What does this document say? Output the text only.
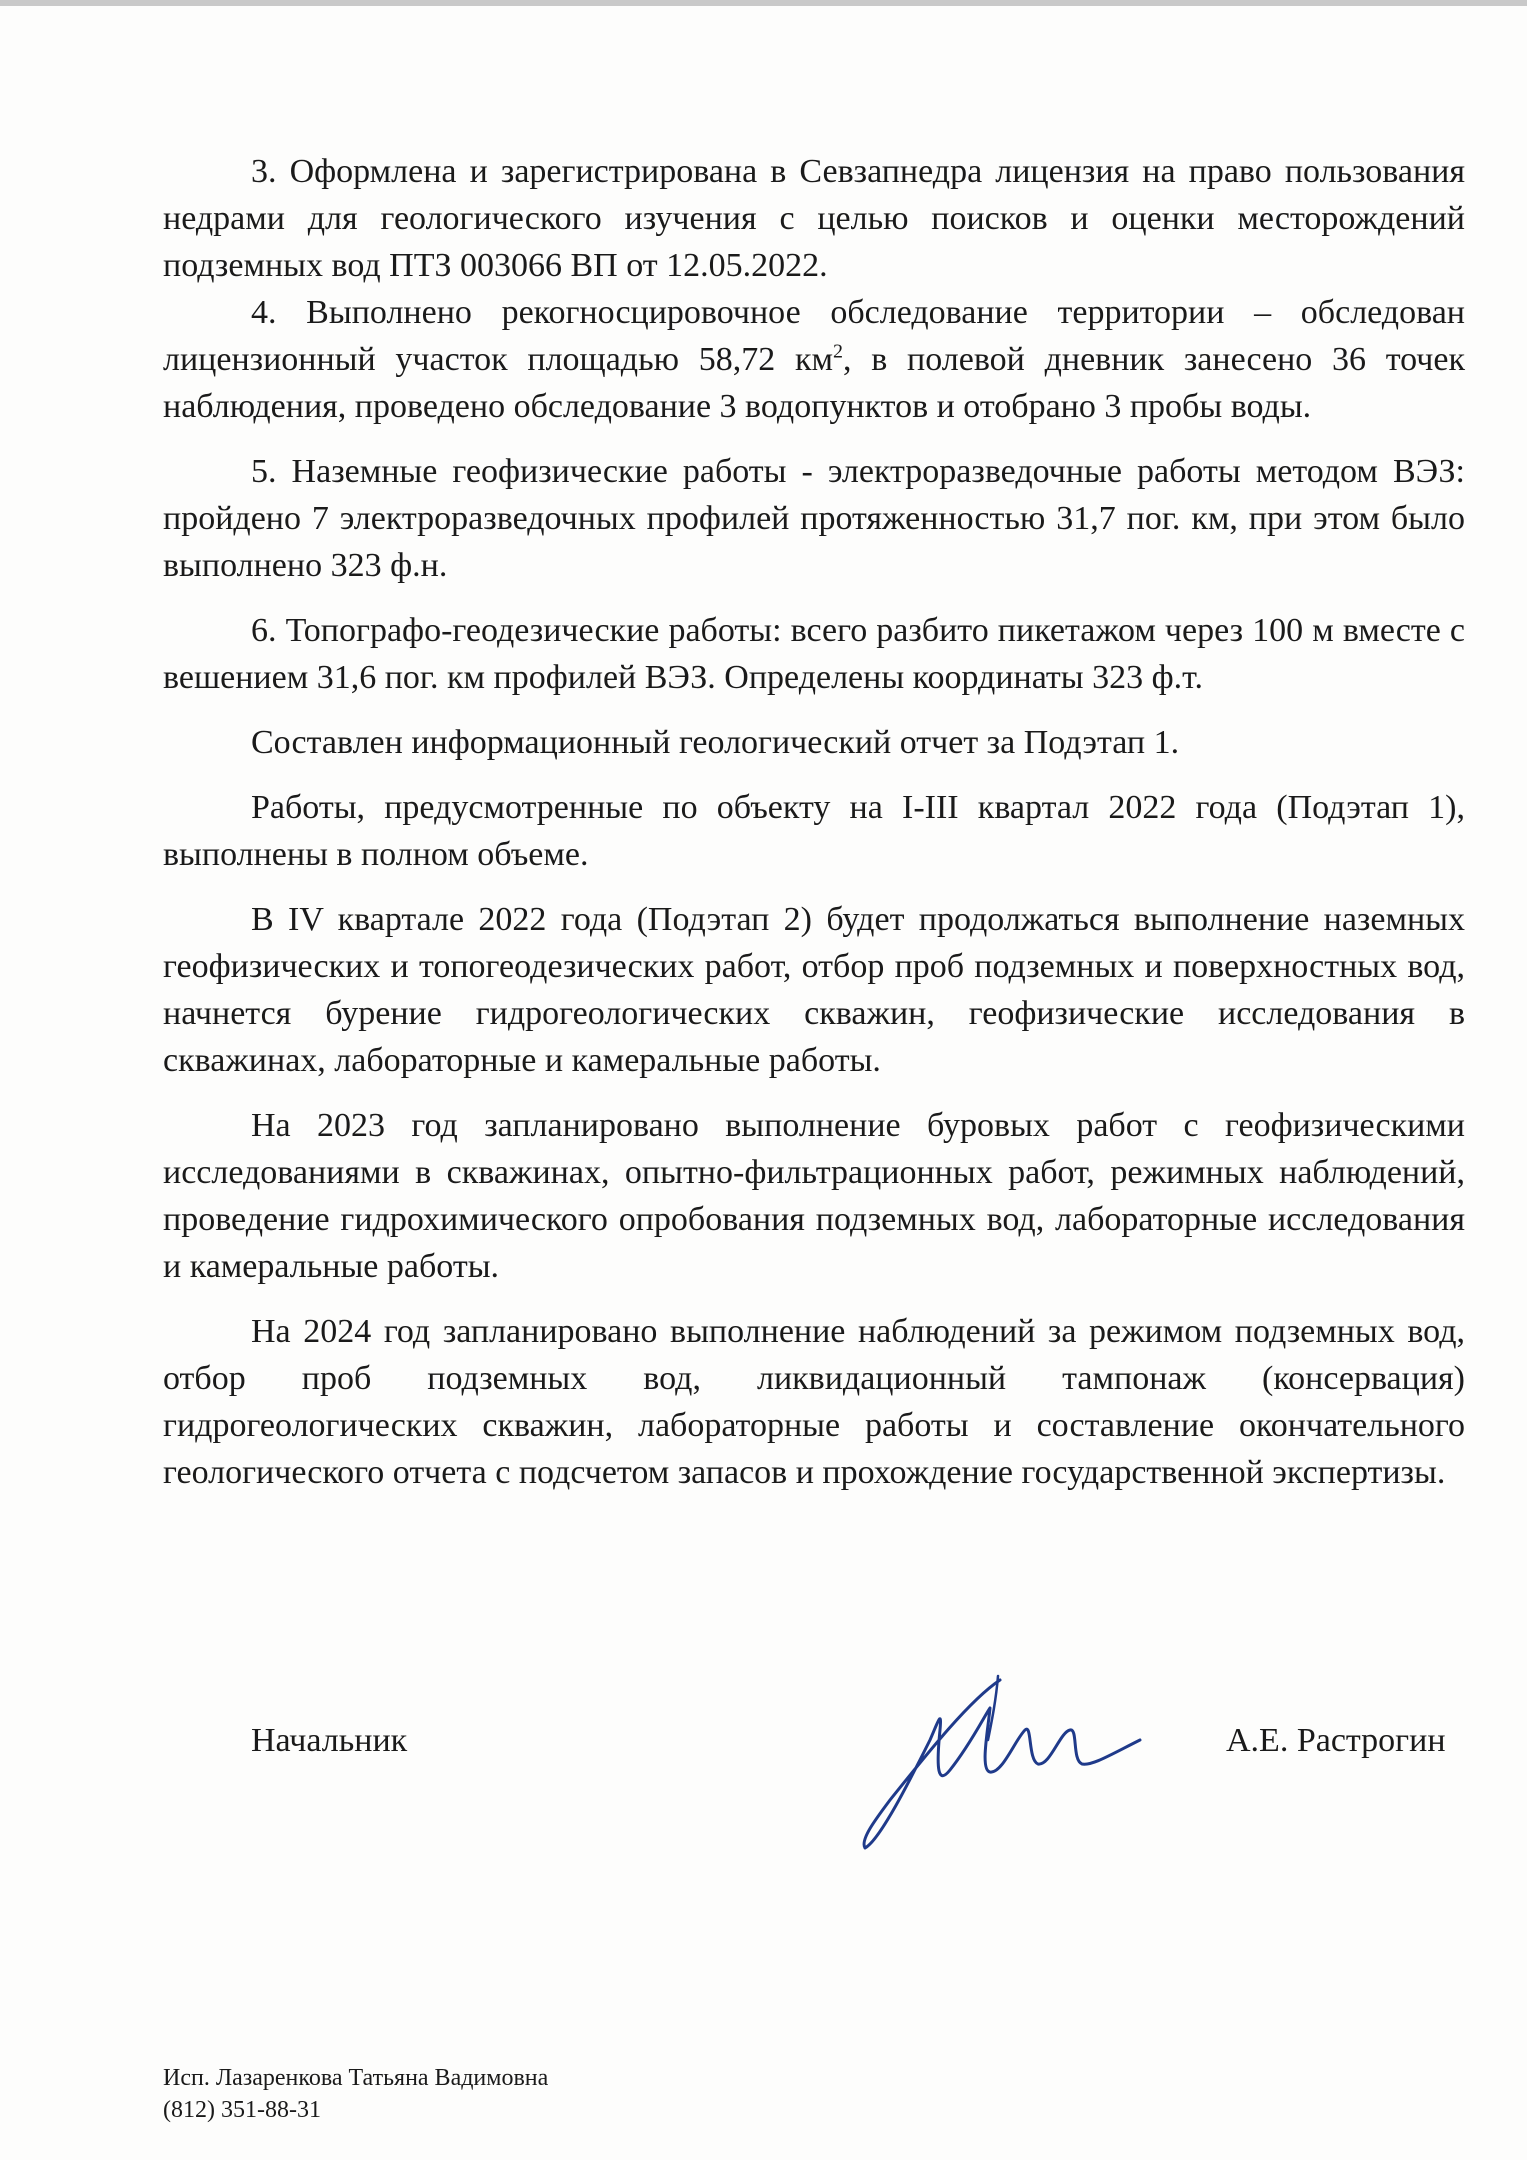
3. Оформлена и зарегистрирована в Севзапнедра лицензия на право пользования недрами для геологического изучения с целью поисков и оценки месторождений подземных вод ПТЗ 003066 ВП от 12.05.2022.

4. Выполнено рекогносцировочное обследование территории – обследован лицензионный участок площадью 58,72 $км^2$, в полевой дневник занесено 36 точек наблюдения, проведено обследование 3 водопунктов и отобрано 3 пробы воды.

5. Наземные геофизические работы - электроразведочные работы методом ВЭЗ: пройдено 7 электроразведочных профилей протяженностью 31,7 пог. км, при этом было выполнено 323 ф.н.

6. Топографо-геодезические работы: всего разбито пикетажом через 100 м вместе с вешением 31,6 пог. км профилей ВЭЗ. Определены координаты 323 ф.т.

Составлен информационный геологический отчет за Подэтап 1.

Работы, предусмотренные по объекту на I-III квартал 2022 года (Подэтап 1), выполнены в полном объеме.

В IV квартале 2022 года (Подэтап 2) будет продолжаться выполнение наземных геофизических и топогеодезических работ, отбор проб подземных и поверхностных вод, начнется бурение гидрогеологических скважин, геофизические исследования в скважинах, лабораторные и камеральные работы.

На 2023 год запланировано выполнение буровых работ с геофизическими исследованиями в скважинах, опытно-фильтрационных работ, режимных наблюдений, проведение гидрохимического опробования подземных вод, лабораторные исследования и камеральные работы.

На 2024 год запланировано выполнение наблюдений за режимом подземных вод, отбор проб подземных вод, ликвидационный тампонаж (консервация) гидрогеологических скважин, лабораторные работы и составление окончательного геологического отчета с подсчетом запасов и прохождение государственной экспертизы.

Начальник	А.Е. Растрогин
Исп. Лазаренкова Татьяна Вадимовна
(812) 351-88-31
